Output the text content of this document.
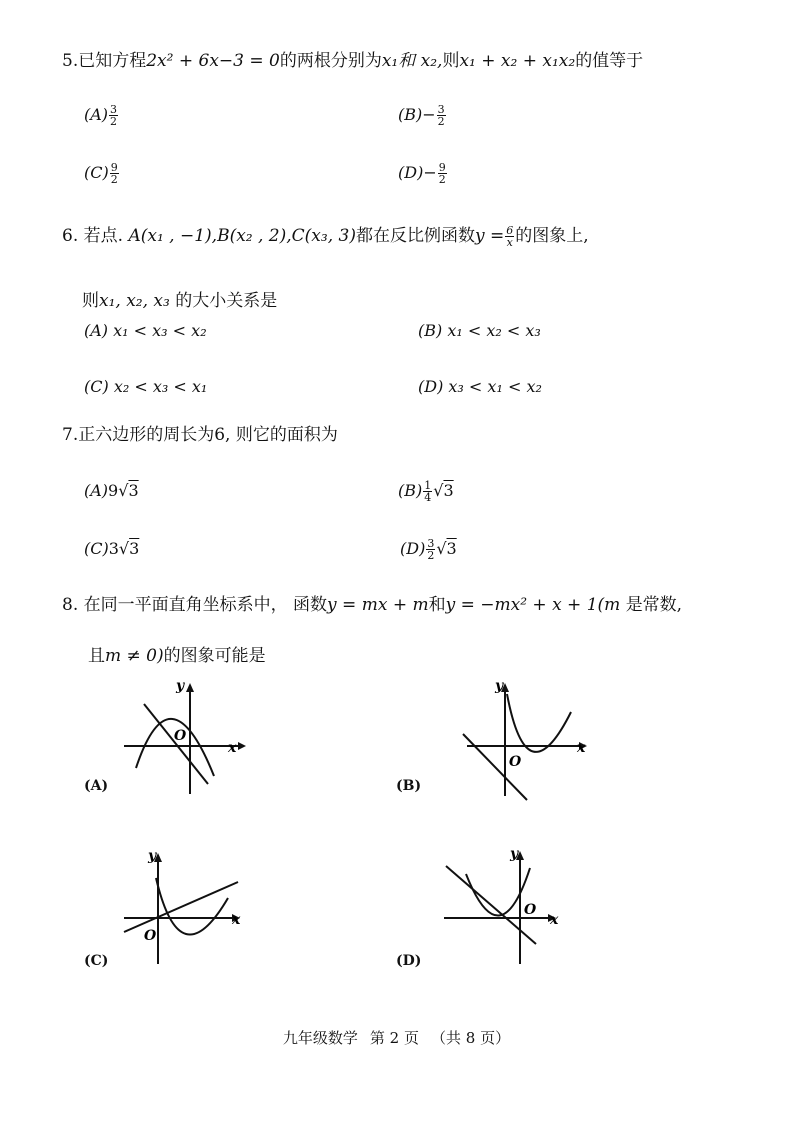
5.已知方程2x² + 6x−3 = 0的两根分别为x₁和 x₂,则x₁ + x₂ + x₁x₂的值等于
$(A) \frac{3}{2}$	$(B)- \frac{3}{2}$
$(C) \frac{9}{2}$	$(D)- \frac{9}{2}$
6. 若点. A(x₁ , −1),B(x₂ , 2),C(x₃, 3)都在反比例函数$y = \frac{6}{x}$ 的图象上,
则x₁, x₂, x₃ 的大小关系是
(A) x₁ < x₃ < x₂	(B) x₁ < x₂ < x₃
(C) x₂ < x₃ < x₁	(D) x₃ < x₁ < x₂
7.正六边形的周长为6, 则它的面积为
(A)9√3	$(B) \frac{1}{4} √3$
(C)3√3	$(D) \frac{3}{2} √3$
8. 在同一平面直角坐标系中， 函数y = mx + m和y = −mx² + x + 1(m 是常数,
且m ≠ 0)的图象可能是
O
x
y
(A)
O
x
y
(B)
O
x
y
(C)
O
x
y
(D)
九年级数学 第 2 页 （共 8 页）
